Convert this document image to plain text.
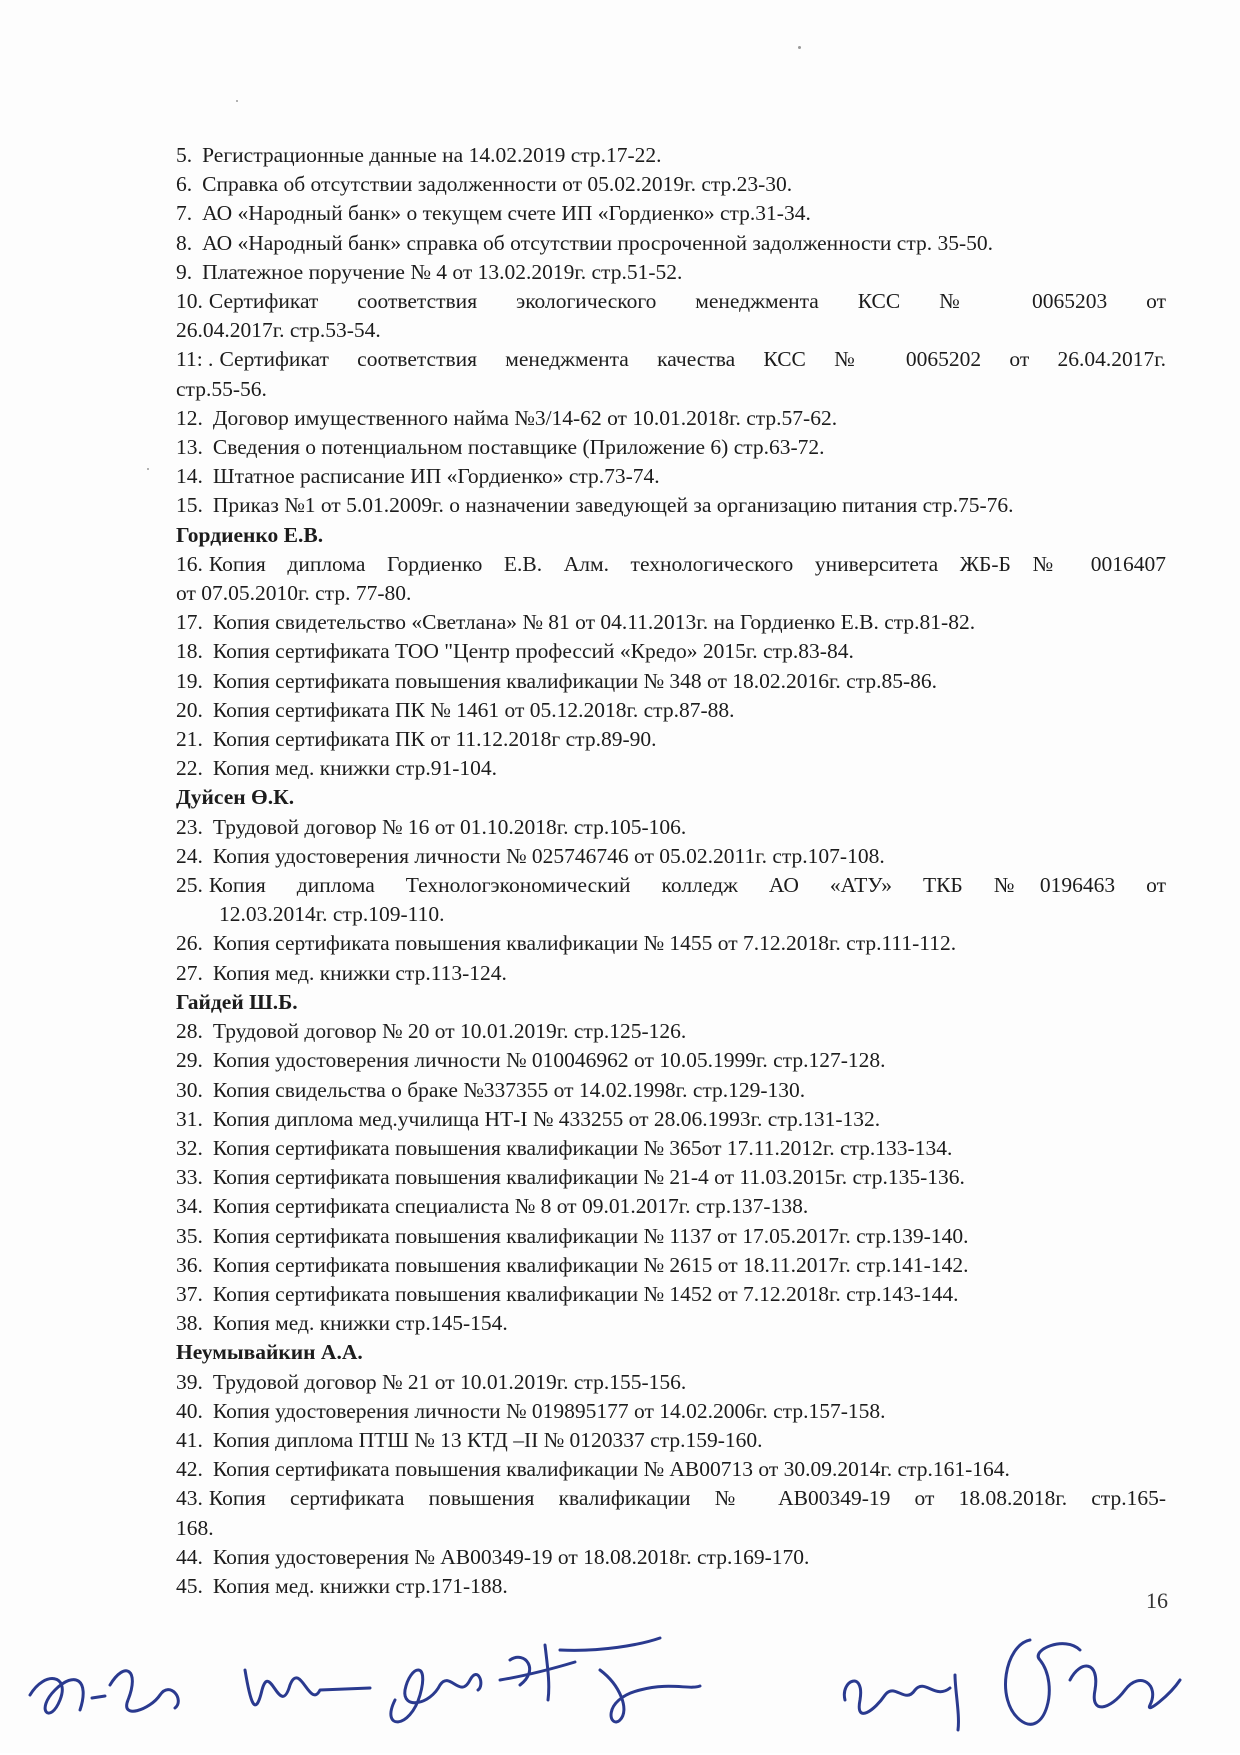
5. Регистрационные данные на 14.02.2019 стр.17-22.
6. Справка об отсутствии задолженности от 05.02.2019г. стр.23-30.
7. АО «Народный банк» о текущем счете ИП «Гордиенко» стр.31-34.
8. АО «Народный банк» справка об отсутствии просроченной задолженности стр. 35-50.
9. Платежное поручение № 4 от 13.02.2019г. стр.51-52.
10. Сертификат соответствия экологического менеджмента КСС № 0065203 от
26.04.2017г. стр.53-54.
11: . Сертификат соответствия менеджмента качества КСС № 0065202 от 26.04.2017г.
стр.55-56.
12. Договор имущественного найма №3/14-62 от 10.01.2018г. стр.57-62.
13. Сведения о потенциальном поставщике (Приложение 6) стр.63-72.
14. Штатное расписание ИП «Гордиенко» стр.73-74.
15. Приказ №1 от 5.01.2009г. о назначении заведующей за организацию питания стр.75-76.
Гордиенко Е.В.
16. Копия диплома Гордиенко Е.В. Алм. технологического университета ЖБ-Б № 0016407
от 07.05.2010г. стр. 77-80.
17. Копия свидетельство «Светлана» № 81 от 04.11.2013г. на Гордиенко Е.В. стр.81-82.
18. Копия сертификата ТОО "Центр профессий «Кредо» 2015г. стр.83-84.
19. Копия сертификата повышения квалификации № 348 от 18.02.2016г. стр.85-86.
20. Копия сертификата ПК № 1461 от 05.12.2018г. стр.87-88.
21. Копия сертификата ПК от 11.12.2018г стр.89-90.
22. Копия мед. книжки стр.91-104.
Дуйсен Ө.К.
23. Трудовой договор № 16 от 01.10.2018г. стр.105-106.
24. Копия удостоверения личности № 025746746 от 05.02.2011г. стр.107-108.
25. Копия диплома Технологэкономический колледж АО «АТУ» ТКБ №0196463 от
12.03.2014г. стр.109-110.
26. Копия сертификата повышения квалификации № 1455 от 7.12.2018г. стр.111-112.
27. Копия мед. книжки стр.113-124.
Гайдей Ш.Б.
28. Трудовой договор № 20 от 10.01.2019г. стр.125-126.
29. Копия удостоверения личности № 010046962 от 10.05.1999г. стр.127-128.
30. Копия свидельства о браке №337355 от 14.02.1998г. стр.129-130.
31. Копия диплома мед.училища НТ-I № 433255 от 28.06.1993г. стр.131-132.
32. Копия сертификата повышения квалификации № 365от 17.11.2012г. стр.133-134.
33. Копия сертификата повышения квалификации № 21-4 от 11.03.2015г. стр.135-136.
34. Копия сертификата специалиста № 8 от 09.01.2017г. стр.137-138.
35. Копия сертификата повышения квалификации № 1137 от 17.05.2017г. стр.139-140.
36. Копия сертификата повышения квалификации № 2615 от 18.11.2017г. стр.141-142.
37. Копия сертификата повышения квалификации № 1452 от 7.12.2018г. стр.143-144.
38. Копия мед. книжки стр.145-154.
Неумывайкин А.А.
39. Трудовой договор № 21 от 10.01.2019г. стр.155-156.
40. Копия удостоверения личности № 019895177 от 14.02.2006г. стр.157-158.
41. Копия диплома ПТШ № 13 КТД –II № 0120337 стр.159-160.
42. Копия сертификата повышения квалификации № АВ00713 от 30.09.2014г. стр.161-164.
43. Копия сертификата повышения квалификации № АВ00349-19 от 18.08.2018г. стр.165-
168.
44. Копия удостоверения № АВ00349-19 от 18.08.2018г. стр.169-170.
45. Копия мед. книжки стр.171-188.
16
